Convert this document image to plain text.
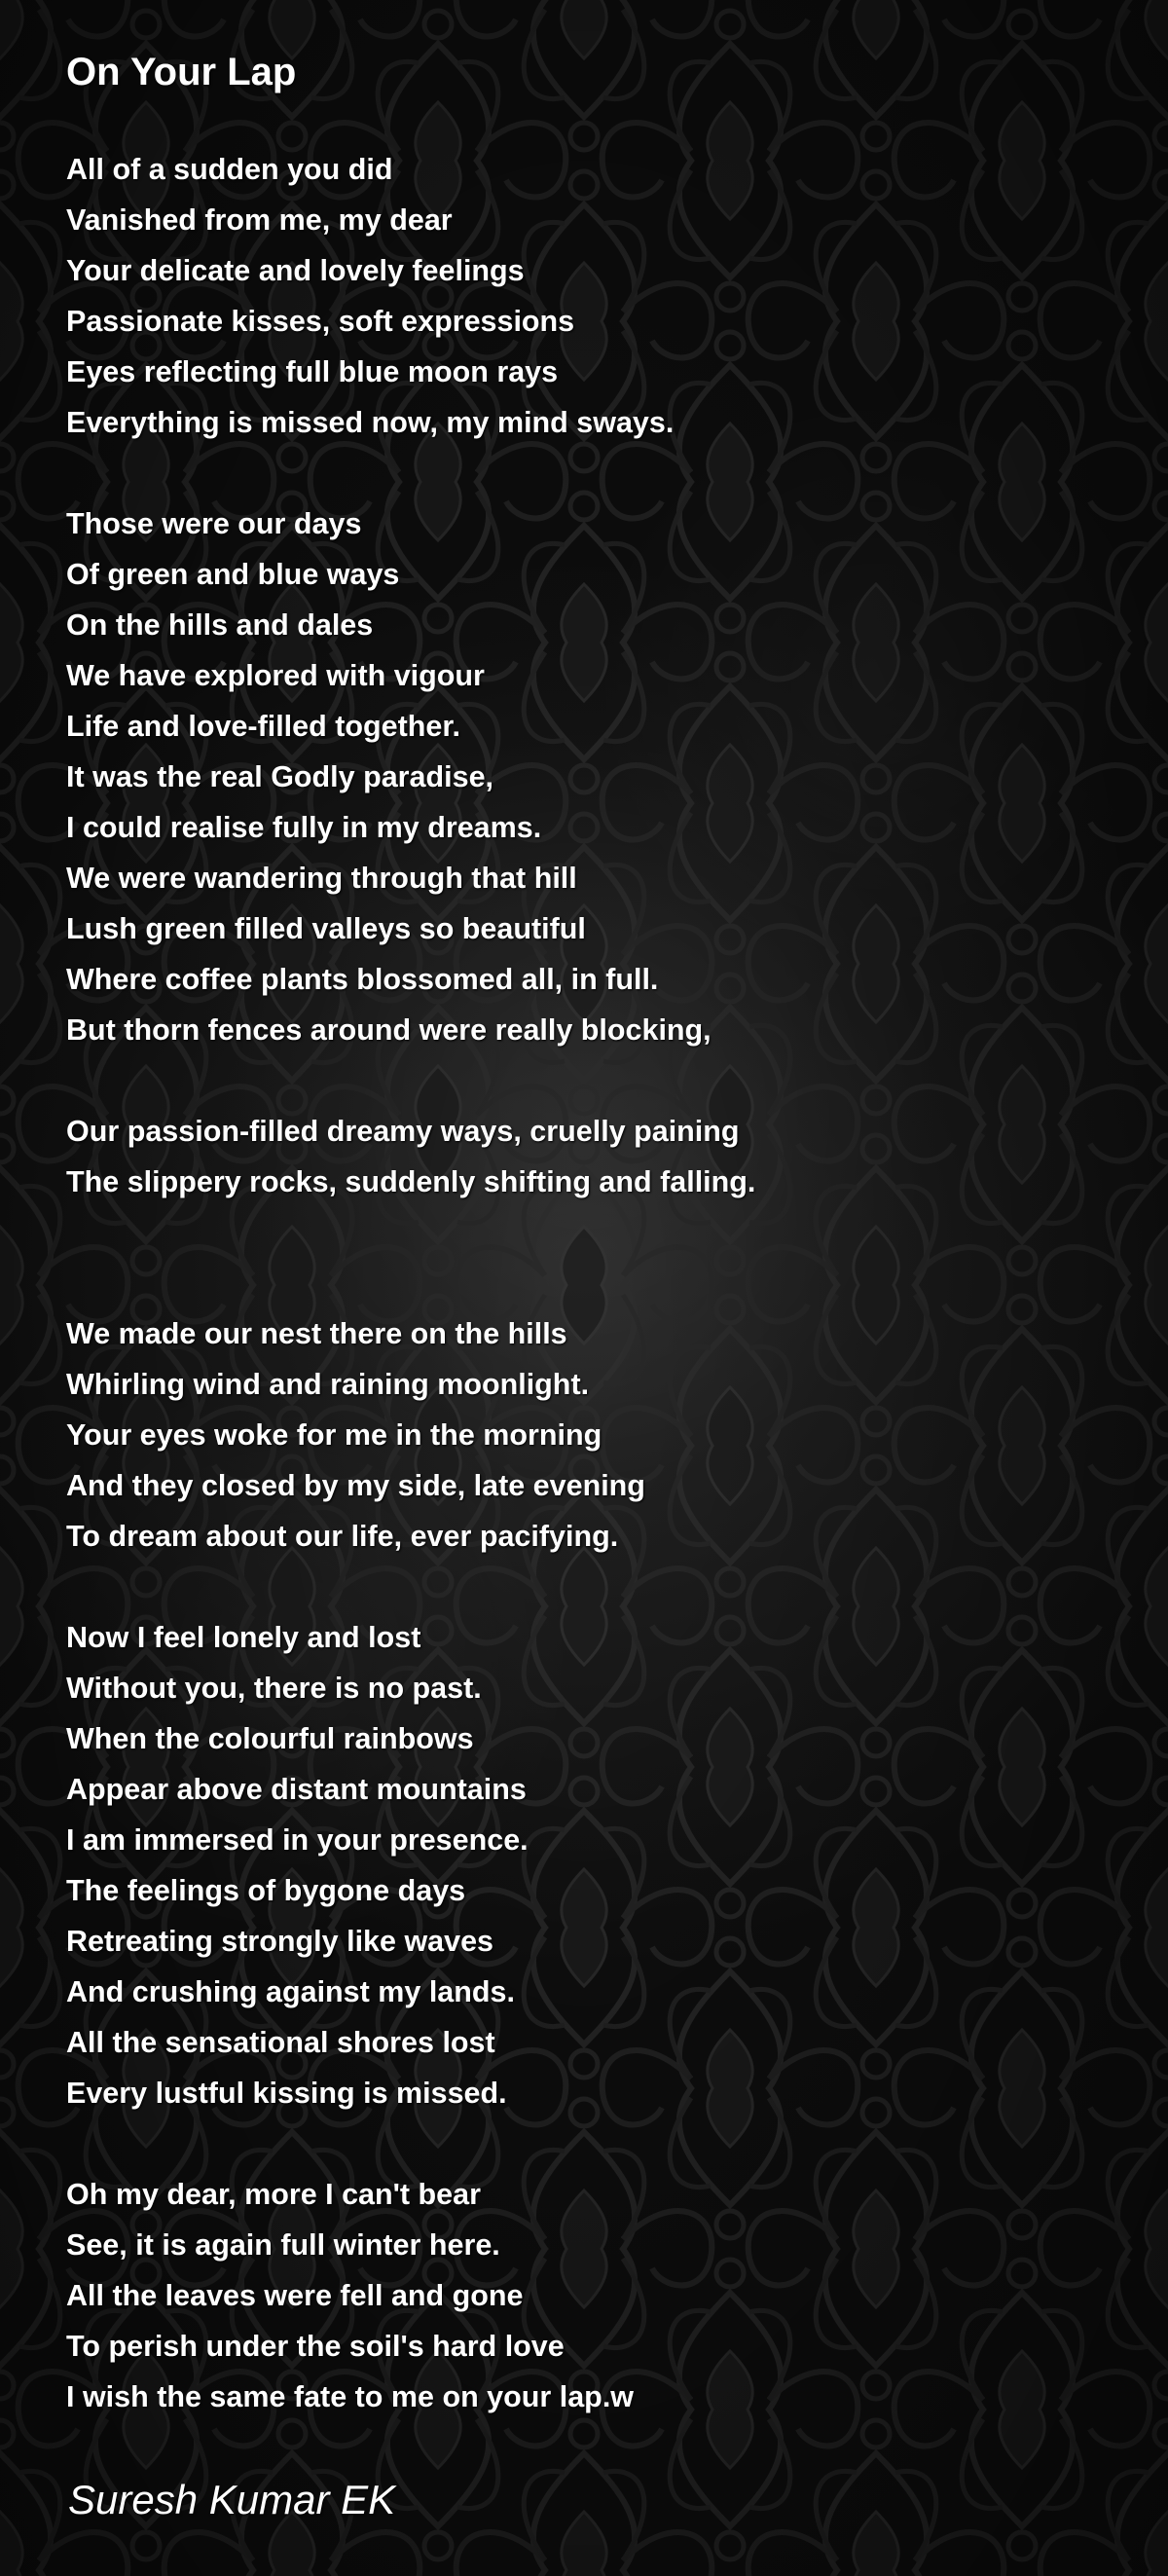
On Your Lap
All of a sudden you did
Vanished from me, my dear
Your delicate and lovely feelings
Passionate kisses, soft expressions
Eyes reflecting full blue moon rays
Everything is missed now, my mind sways.
Those were our days
Of green and blue ways
On the hills and dales
We have explored with vigour
Life and love-filled together.
It was the real Godly paradise,
I could realise fully in my dreams.
We were wandering through that hill
Lush green filled valleys so beautiful
Where coffee plants blossomed all, in full.
But thorn fences around were really blocking,
Our passion-filled dreamy ways, cruelly paining
The slippery rocks, suddenly shifting and falling.
We made our nest there on the hills
Whirling wind and raining moonlight.
Your eyes woke for me in the morning
And they closed by my side, late evening
To dream about our life, ever pacifying.
Now I feel lonely and lost
Without you, there is no past.
When the colourful rainbows
Appear above distant mountains
I am immersed in your presence.
The feelings of bygone days
Retreating strongly like waves
And crushing against my lands.
All the sensational shores lost
Every lustful kissing is missed.
Oh my dear, more I can't bear
See, it is again full winter here.
All the leaves were fell and gone
To perish under the soil's hard love
I wish the same fate to me on your lap.w
Suresh Kumar EK
